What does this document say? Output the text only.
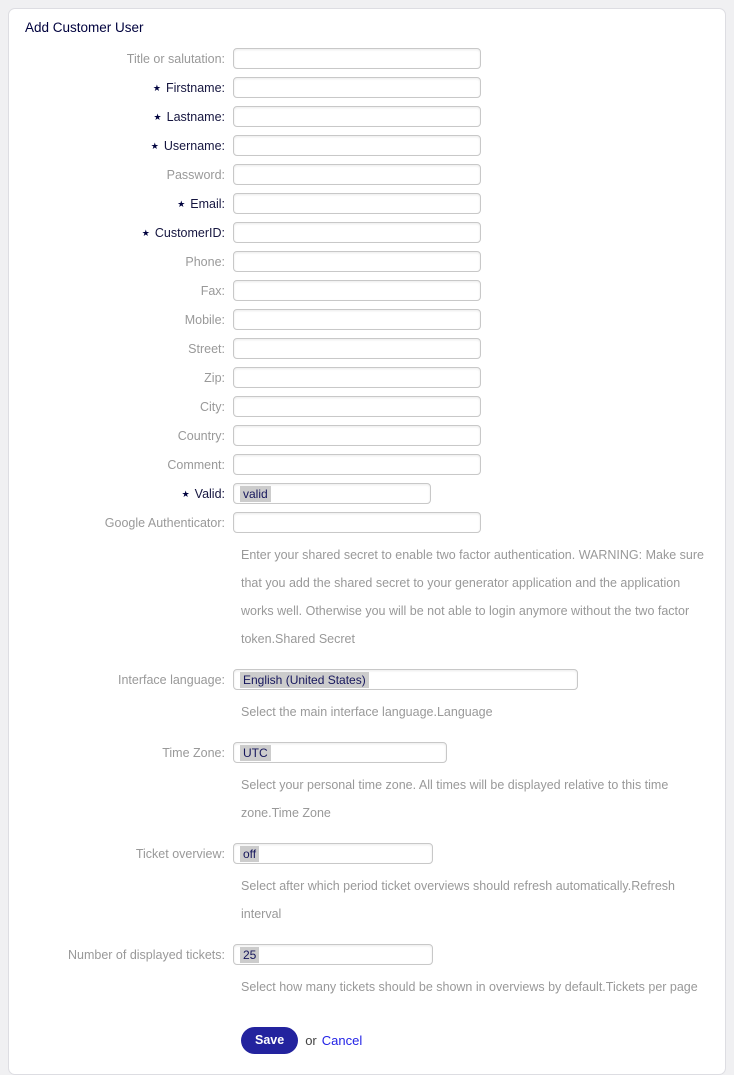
Add Customer User
Title or salutation:
★ Firstname:
★ Lastname:
★ Username:
Password:
★ Email:
★ CustomerID:
Phone:
Fax:
Mobile:
Street:
Zip:
City:
Country:
Comment:
★ Valid:	valid
Google Authenticator:

Enter your shared secret to enable two factor authentication. WARNING: Make sure that you add the shared secret to your generator application and the application works well. Otherwise you will be not able to login anymore without the two factor token.Shared Secret

Interface language:	English (United States)

Select the main interface language.Language

Time Zone:	UTC

Select your personal time zone. All times will be displayed relative to this time zone.Time Zone

Ticket overview:	off

Select after which period ticket overviews should refresh automatically.Refresh interval

Number of displayed tickets:	25

Select how many tickets should be shown in overviews by default.Tickets per page

Save	or Cancel
